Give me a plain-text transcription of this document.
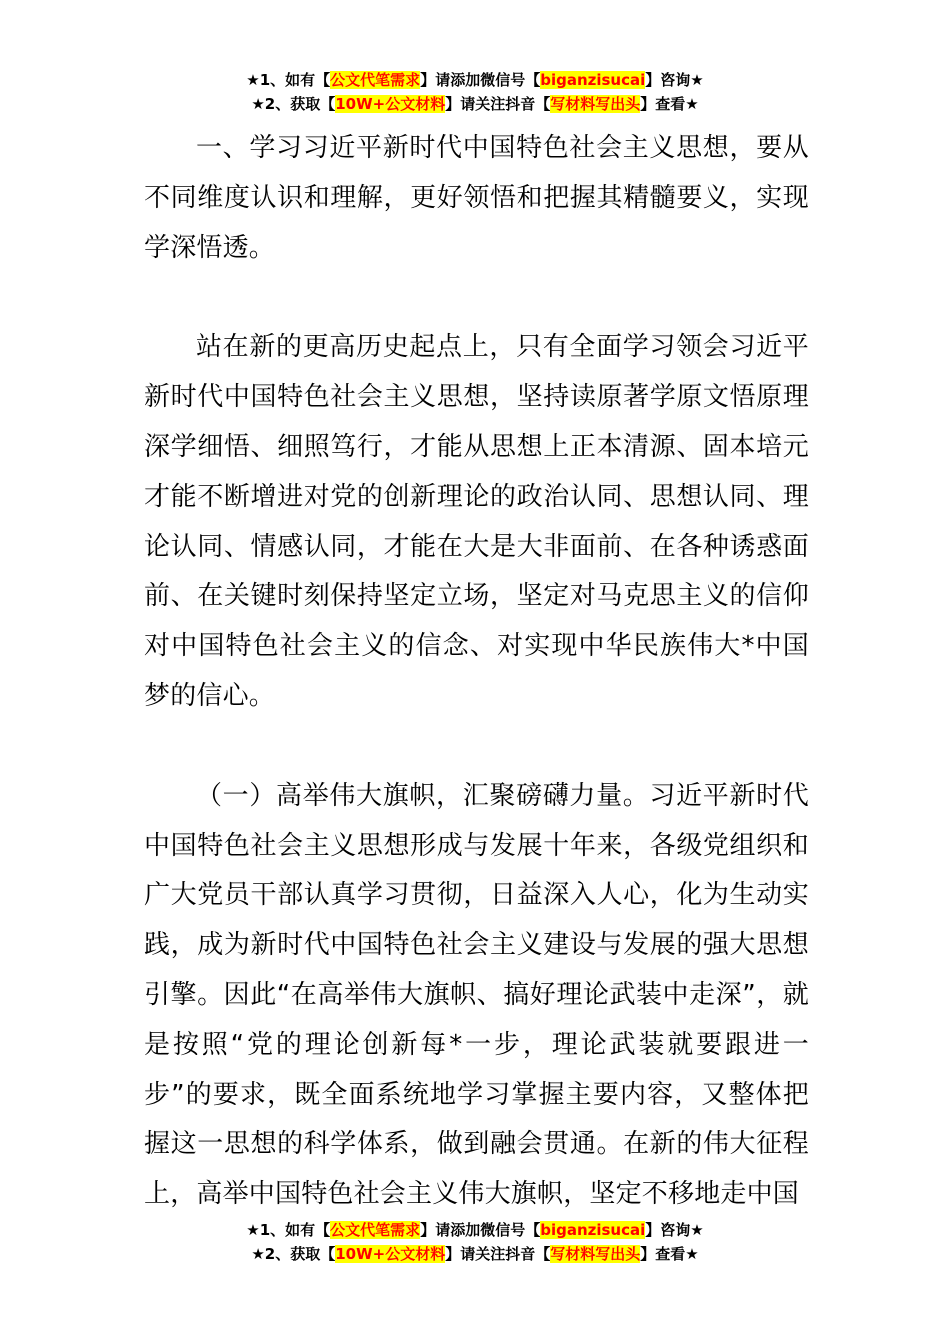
★1、如有【公文代笔需求】请添加微信号【biganzisucai】咨询★
★2、获取【10W+公文材料】请关注抖音【写材料写出头】查看★

一、学习习近平新时代中国特色社会主义思想，要从不同维度认识和理解，更好领悟和把握其精髓要义，实现学深悟透。

站在新的更高历史起点上，只有全面学习领会习近平新时代中国特色社会主义思想，坚持读原著学原文悟原理深学细悟、细照笃行，才能从思想上正本清源、固本培元才能不断增进对党的创新理论的政治认同、思想认同、理论认同、情感认同，才能在大是大非面前、在各种诱惑面前、在关键时刻保持坚定立场，坚定对马克思主义的信仰对中国特色社会主义的信念、对实现中华民族伟大*中国梦的信心。

（一）高举伟大旗帜，汇聚磅礴力量。习近平新时代中国特色社会主义思想形成与发展十年来，各级党组织和广大党员干部认真学习贯彻，日益深入人心，化为生动实践，成为新时代中国特色社会主义建设与发展的强大思想引擎。因此“在高举伟大旗帜、搞好理论武装中走深”，就是按照“党的理论创新每*一步，理论武装就要跟进一步”的要求，既全面系统地学习掌握主要内容，又整体把握这一思想的科学体系，做到融会贯通。在新的伟大征程上，高举中国特色社会主义伟大旗帜，坚定不移地走中国

★1、如有【公文代笔需求】请添加微信号【biganzisucai】咨询★
★2、获取【10W+公文材料】请关注抖音【写材料写出头】查看★
